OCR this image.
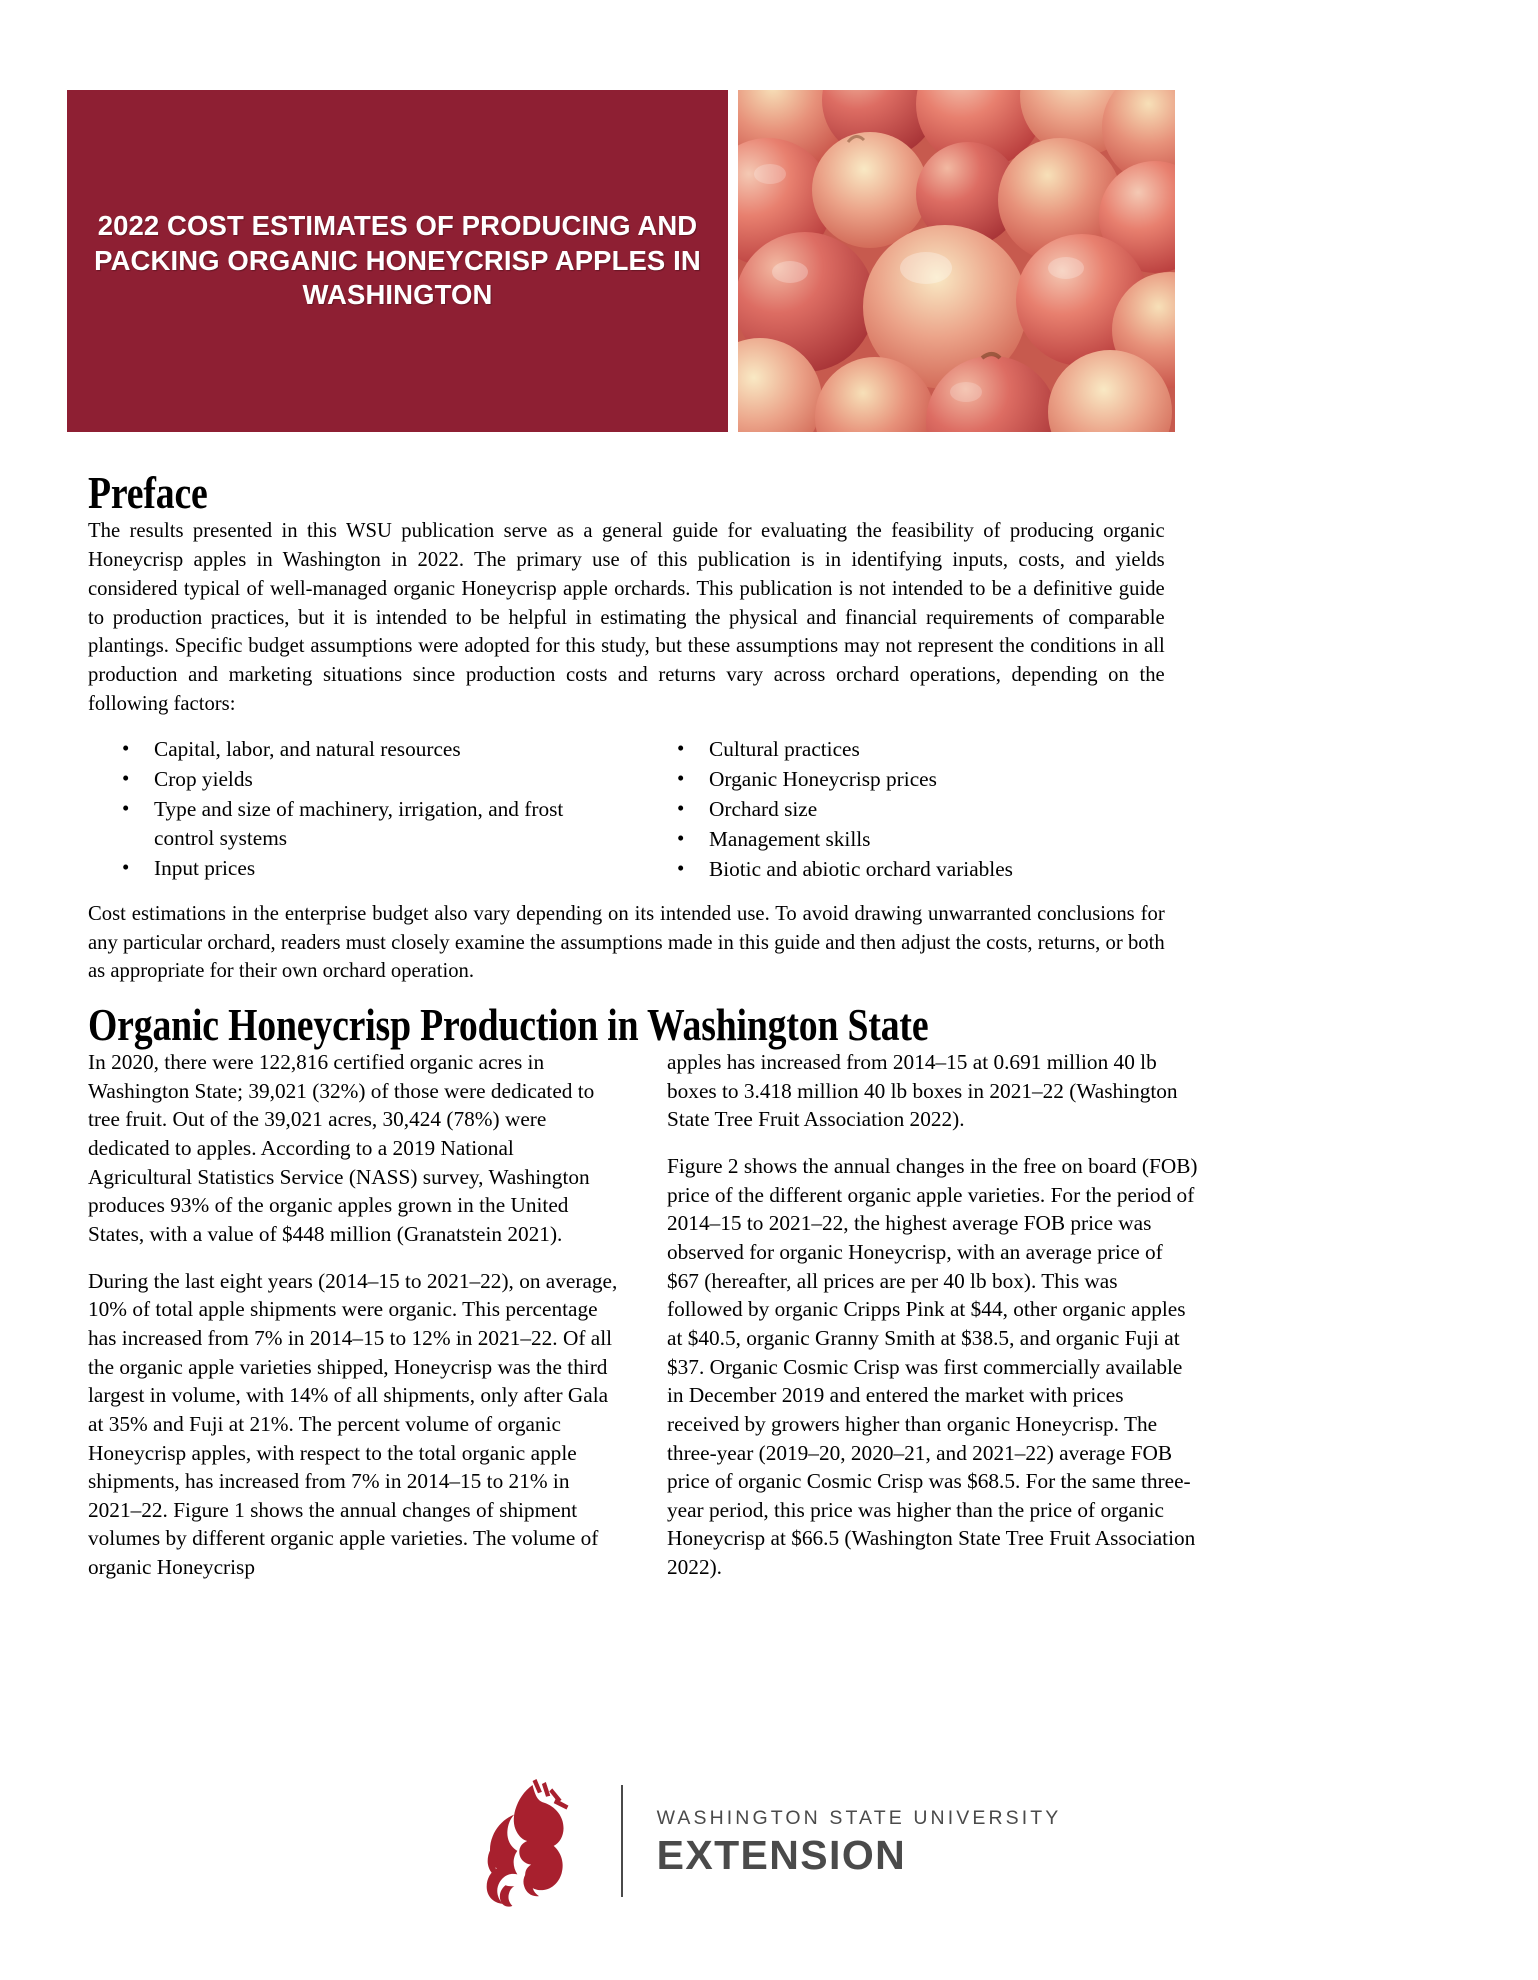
2022 COST ESTIMATES OF PRODUCING AND PACKING ORGANIC HONEYCRISP APPLES IN WASHINGTON
Preface

The results presented in this WSU publication serve as a general guide for evaluating the feasibility of producing organic Honeycrisp apples in Washington in 2022. The primary use of this publication is in identifying inputs, costs, and yields considered typical of well-managed organic Honeycrisp apple orchards. This publication is not intended to be a definitive guide to production practices, but it is intended to be helpful in estimating the physical and financial requirements of comparable plantings. Specific budget assumptions were adopted for this study, but these assumptions may not represent the conditions in all production and marketing situations since production costs and returns vary across orchard operations, depending on the following factors:

• Capital, labor, and natural resources
• Crop yields
• Type and size of machinery, irrigation, and frost control systems
• Input prices
• Cultural practices
• Organic Honeycrisp prices
• Orchard size
• Management skills
• Biotic and abiotic orchard variables

Cost estimations in the enterprise budget also vary depending on its intended use. To avoid drawing unwarranted conclusions for any particular orchard, readers must closely examine the assumptions made in this guide and then adjust the costs, returns, or both as appropriate for their own orchard operation.

Organic Honeycrisp Production in Washington State

In 2020, there were 122,816 certified organic acres in Washington State; 39,021 (32%) of those were dedicated to tree fruit. Out of the 39,021 acres, 30,424 (78%) were dedicated to apples. According to a 2019 National Agricultural Statistics Service (NASS) survey, Washington produces 93% of the organic apples grown in the United States, with a value of $448 million (Granatstein 2021).

During the last eight years (2014–15 to 2021–22), on average, 10% of total apple shipments were organic. This percentage has increased from 7% in 2014–15 to 12% in 2021–22. Of all the organic apple varieties shipped, Honeycrisp was the third largest in volume, with 14% of all shipments, only after Gala at 35% and Fuji at 21%. The percent volume of organic Honeycrisp apples, with respect to the total organic apple shipments, has increased from 7% in 2014–15 to 21% in 2021–22. Figure 1 shows the annual changes of shipment volumes by different organic apple varieties. The volume of organic Honeycrisp

apples has increased from 2014–15 at 0.691 million 40 lb boxes to 3.418 million 40 lb boxes in 2021–22 (Washington State Tree Fruit Association 2022).

Figure 2 shows the annual changes in the free on board (FOB) price of the different organic apple varieties. For the period of 2014–15 to 2021–22, the highest average FOB price was observed for organic Honeycrisp, with an average price of $67 (hereafter, all prices are per 40 lb box). This was followed by organic Cripps Pink at $44, other organic apples at $40.5, organic Granny Smith at $38.5, and organic Fuji at $37. Organic Cosmic Crisp was first commercially available in December 2019 and entered the market with prices received by growers higher than organic Honeycrisp. The three-year (2019–20, 2020–21, and 2021–22) average FOB price of organic Cosmic Crisp was $68.5. For the same three-year period, this price was higher than the price of organic Honeycrisp at $66.5 (Washington State Tree Fruit Association 2022).

WASHINGTON STATE UNIVERSITY
EXTENSION
